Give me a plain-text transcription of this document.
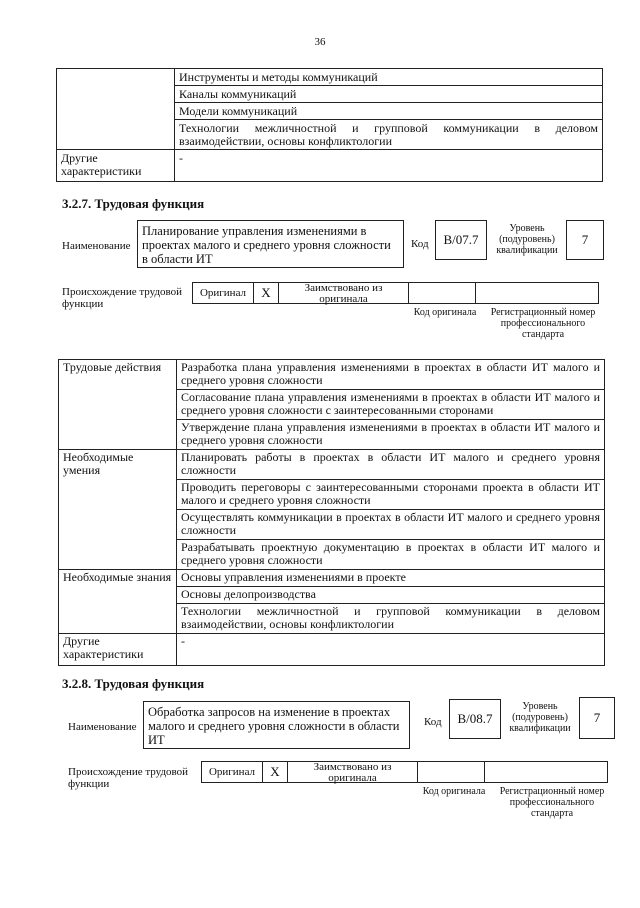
36
	Инструменты и методы коммуникаций
	Каналы коммуникаций
	Модели коммуникаций
	Технологии межличностной и групповой коммуникации в деловом взаимодействии, основы конфликтологии
Другие характеристики	-
3.2.7. Трудовая функция
Наименование
Планирование управления изменениями в проектах малого и среднего уровня сложности в области ИТ
Код	B/07.7
Уровень (подуровень) квалификации
7
Происхождение трудовой функции
Оригинал	X	Заимствовано из оригинала
Код оригинала	Регистрационный номер профессионального стандарта
Трудовые действия	Разработка плана управления изменениями в проектах в области ИТ малого и среднего уровня сложности
	Согласование плана управления изменениями в проектах в области ИТ малого и среднего уровня сложности с заинтересованными сторонами
	Утверждение плана управления изменениями в проектах в области ИТ малого и среднего уровня сложности
Необходимые умения	Планировать работы в проектах в области ИТ малого и среднего уровня сложности
	Проводить переговоры с заинтересованными сторонами проекта в области ИТ малого и среднего уровня сложности
	Осуществлять коммуникации в проектах в области ИТ малого и среднего уровня сложности
	Разрабатывать проектную документацию в проектах в области ИТ малого и среднего уровня сложности
Необходимые знания	Основы управления изменениями в проекте
	Основы делопроизводства
	Технологии межличностной и групповой коммуникации в деловом взаимодействии, основы конфликтологии
Другие характеристики	-
3.2.8. Трудовая функция
Наименование
Обработка запросов на изменение в проектах малого и среднего уровня сложности в области ИТ
Код	B/08.7
Уровень (подуровень) квалификации
7
Происхождение трудовой функции
Оригинал	X	Заимствовано из оригинала
Код оригинала	Регистрационный номер профессионального стандарта
